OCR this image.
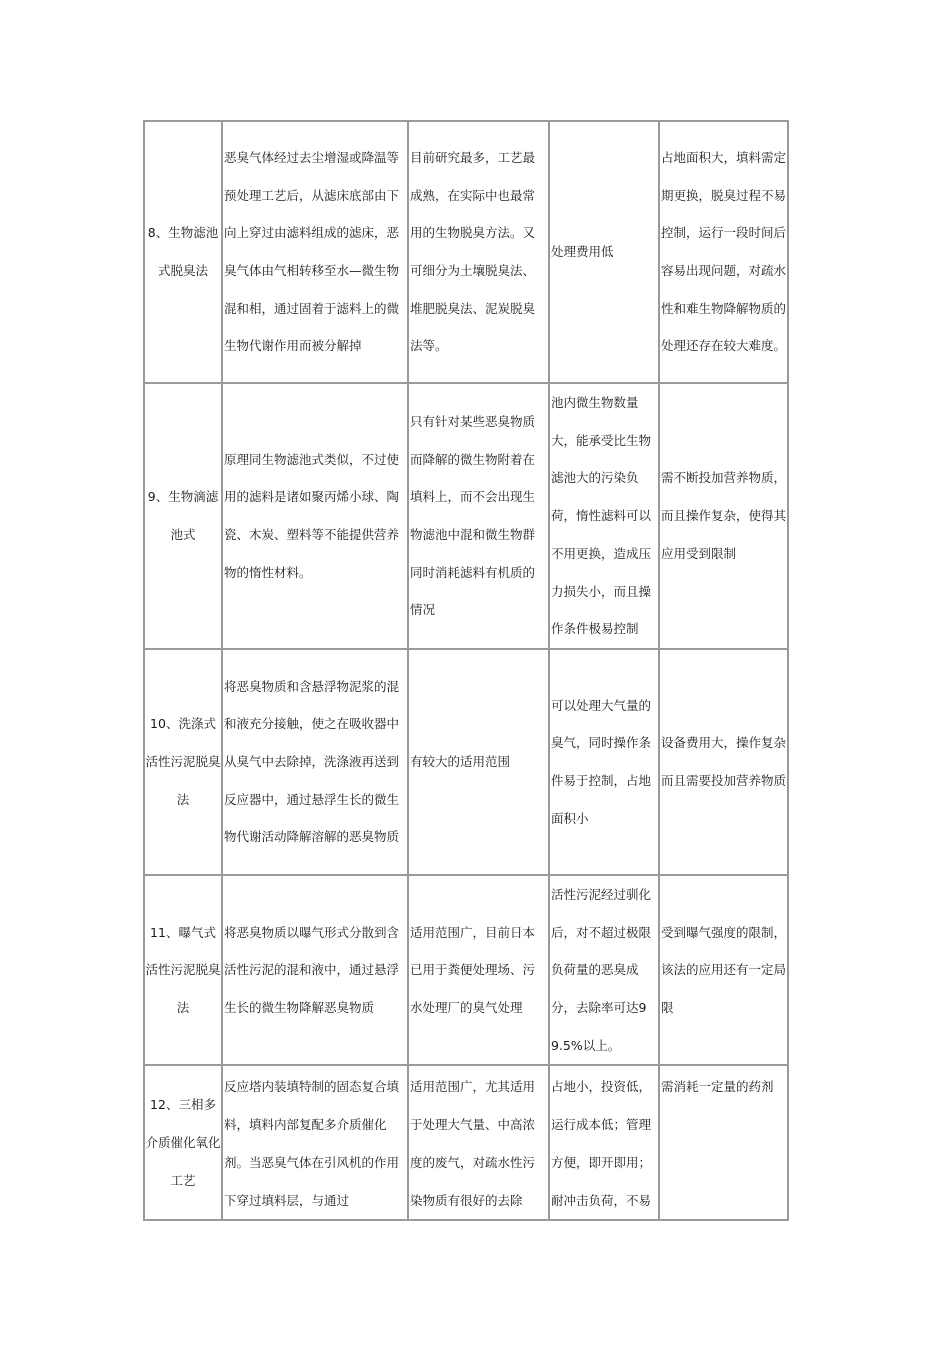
8、生物滤池式脱臭法	恶臭气体经过去尘增湿或降温等预处理工艺后，从滤床底部由下向上穿过由滤料组成的滤床，恶臭气体由气相转移至水—微生物混和相，通过固着于滤料上的微生物代谢作用而被分解掉	目前研究最多，工艺最成熟，在实际中也最常用的生物脱臭方法。又可细分为土壤脱臭法、堆肥脱臭法、泥炭脱臭法等。	处理费用低	占地面积大，填料需定期更换，脱臭过程不易控制，运行一段时间后容易出现问题，对疏水性和难生物降解物质的处理还存在较大难度。

9、生物滴滤池式	原理同生物滤池式类似，不过使用的滤料是诸如聚丙烯小球、陶瓷、木炭、塑料等不能提供营养物的惰性材料。	只有针对某些恶臭物质而降解的微生物附着在填料上，而不会出现生物滤池中混和微生物群同时消耗滤料有机质的情况	池内微生物数量大，能承受比生物滤池大的污染负荷，惰性滤料可以不用更换，造成压力损失小，而且操作条件极易控制	需不断投加营养物质，而且操作复杂，使得其应用受到限制

10、洗涤式活性污泥脱臭法	将恶臭物质和含悬浮物泥浆的混和液充分接触，使之在吸收器中从臭气中去除掉，洗涤液再送到反应器中，通过悬浮生长的微生物代谢活动降解溶解的恶臭物质	有较大的适用范围	可以处理大气量的臭气，同时操作条件易于控制，占地面积小	设备费用大，操作复杂而且需要投加营养物质

11、曝气式活性污泥脱臭法	将恶臭物质以曝气形式分散到含活性污泥的混和液中，通过悬浮生长的微生物降解恶臭物质	适用范围广，目前日本已用于粪便处理场、污水处理厂的臭气处理	活性污泥经过驯化后，对不超过极限负荷量的恶臭成分，去除率可达99.5%以上。	受到曝气强度的限制，该法的应用还有一定局限

12、三相多介质催化氧化工艺	反应塔内装填特制的固态复合填料，填料内部复配多介质催化剂。当恶臭气体在引风机的作用下穿过填料层，与通过	适用范围广，尤其适用于处理大气量、中高浓度的废气，对疏水性污染物质有很好的去除	占地小，投资低，运行成本低；管理方便，即开即用；耐冲击负荷，不易	需消耗一定量的药剂
